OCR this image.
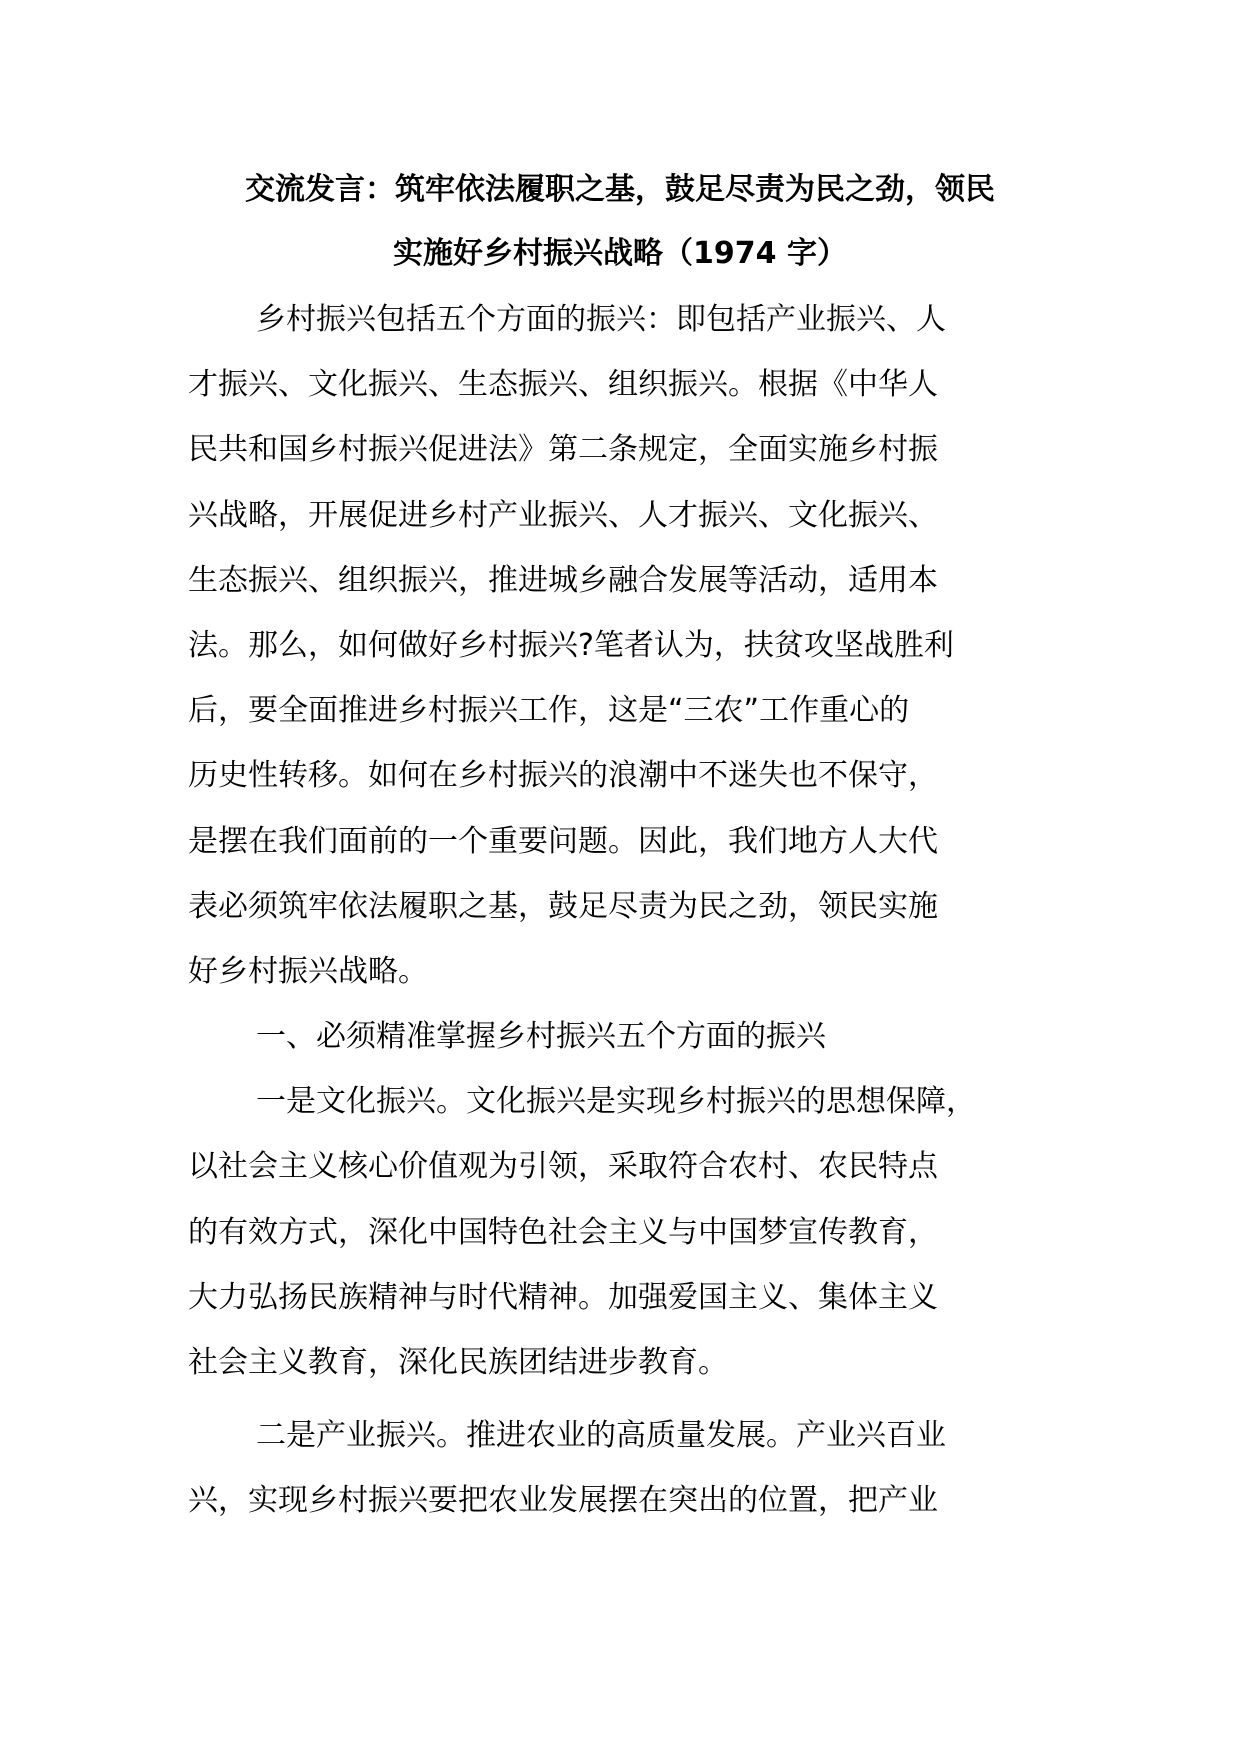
交流发言：筑牢依法履职之基，鼓足尽责为民之劲，领民
实施好乡村振兴战略（1974 字）
乡村振兴包括五个方面的振兴：即包括产业振兴、人
才振兴、文化振兴、生态振兴、组织振兴。根据《中华人
民共和国乡村振兴促进法》第二条规定，全面实施乡村振
兴战略，开展促进乡村产业振兴、人才振兴、文化振兴、
生态振兴、组织振兴，推进城乡融合发展等活动，适用本
法。那么，如何做好乡村振兴?笔者认为，扶贫攻坚战胜利
后，要全面推进乡村振兴工作，这是“三农”工作重心的
历史性转移。如何在乡村振兴的浪潮中不迷失也不保守，
是摆在我们面前的一个重要问题。因此，我们地方人大代
表必须筑牢依法履职之基，鼓足尽责为民之劲，领民实施
好乡村振兴战略。
一、必须精准掌握乡村振兴五个方面的振兴
一是文化振兴。文化振兴是实现乡村振兴的思想保障，
以社会主义核心价值观为引领，采取符合农村、农民特点
的有效方式，深化中国特色社会主义与中国梦宣传教育，
大力弘扬民族精神与时代精神。加强爱国主义、集体主义
社会主义教育，深化民族团结进步教育。
二是产业振兴。推进农业的高质量发展。产业兴百业
兴，实现乡村振兴要把农业发展摆在突出的位置，把产业
